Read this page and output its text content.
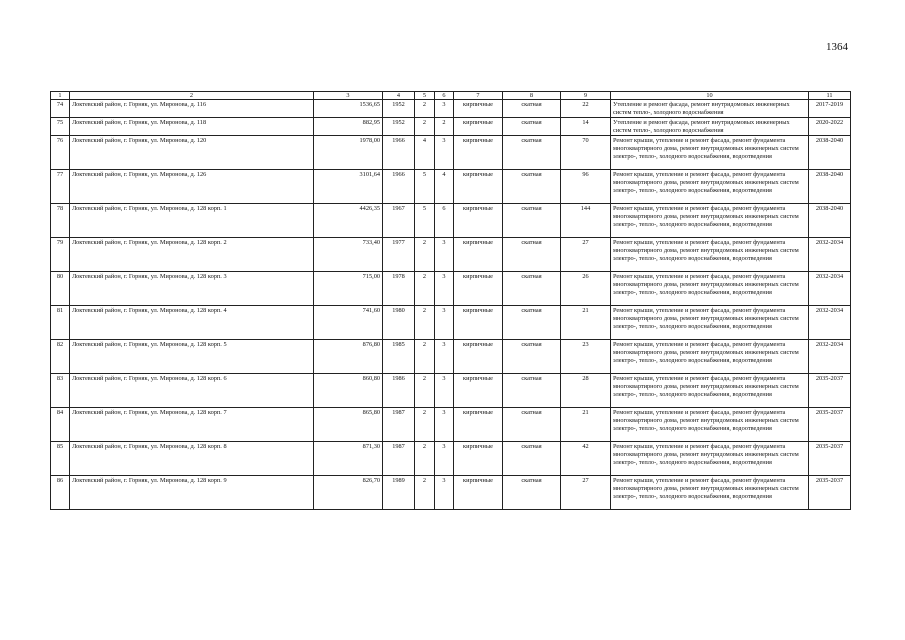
1364
1	2	3	4	5	6	7	8	9	10	11
74	Локтевский район, г. Горняк, ул. Миронова, д. 116	1536,65	1952	2	3	кирпичные	скатная	22	Утепление и ремонт фасада, ремонт внутридомовых инженерных систем тепло-, холодного водоснабжения	2017-2019
75	Локтевский район, г. Горняк, ул. Миронова, д. 118	882,95	1952	2	2	кирпичные	скатная	14	Утепление и ремонт фасада, ремонт внутридомовых инженерных систем тепло-, холодного водоснабжения	2020-2022
76	Локтевский район, г. Горняк, ул. Миронова, д. 120	1978,00	1966	4	3	кирпичные	скатная	70	Ремонт крыши, утепление и ремонт фасада, ремонт фундамента многоквартирного дома, ремонт внутридомовых инженерных систем электро-, тепло-, холодного водоснабжения, водоотведения	2038-2040
77	Локтевский район, г. Горняк, ул. Миронова, д. 126	3101,64	1966	5	4	кирпичные	скатная	96	Ремонт крыши, утепление и ремонт фасада, ремонт фундамента многоквартирного дома, ремонт внутридомовых инженерных систем электро-, тепло-, холодного водоснабжения, водоотведения	2038-2040
78	Локтевский район, г. Горняк, ул. Миронова, д. 128 корп. 1	4426,35	1967	5	6	кирпичные	скатная	144	Ремонт крыши, утепление и ремонт фасада, ремонт фундамента многоквартирного дома, ремонт внутридомовых инженерных систем электро-, тепло-, холодного водоснабжения, водоотведения	2038-2040
79	Локтевский район, г. Горняк, ул. Миронова, д. 128 корп. 2	733,40	1977	2	3	кирпичные	скатная	27	Ремонт крыши, утепление и ремонт фасада, ремонт фундамента многоквартирного дома, ремонт внутридомовых инженерных систем электро-, тепло-, холодного водоснабжения, водоотведения	2032-2034
80	Локтевский район, г. Горняк, ул. Миронова, д. 128 корп. 3	715,00	1978	2	3	кирпичные	скатная	26	Ремонт крыши, утепление и ремонт фасада, ремонт фундамента многоквартирного дома, ремонт внутридомовых инженерных систем электро-, тепло-, холодного водоснабжения, водоотведения	2032-2034
81	Локтевский район, г. Горняк, ул. Миронова, д. 128 корп. 4	741,60	1980	2	3	кирпичные	скатная	21	Ремонт крыши, утепление и ремонт фасада, ремонт фундамента многоквартирного дома, ремонт внутридомовых инженерных систем электро-, тепло-, холодного водоснабжения, водоотведения	2032-2034
82	Локтевский район, г. Горняк, ул. Миронова, д. 128 корп. 5	876,80	1985	2	3	кирпичные	скатная	23	Ремонт крыши, утепление и ремонт фасада, ремонт фундамента многоквартирного дома, ремонт внутридомовых инженерных систем электро-, тепло-, холодного водоснабжения, водоотведения	2032-2034
83	Локтевский район, г. Горняк, ул. Миронова, д. 128 корп. 6	860,80	1986	2	3	кирпичные	скатная	28	Ремонт крыши, утепление и ремонт фасада, ремонт фундамента многоквартирного дома, ремонт внутридомовых инженерных систем электро-, тепло-, холодного водоснабжения, водоотведения	2035-2037
84	Локтевский район, г. Горняк, ул. Миронова, д. 128 корп. 7	865,80	1987	2	3	кирпичные	скатная	21	Ремонт крыши, утепление и ремонт фасада, ремонт фундамента многоквартирного дома, ремонт внутридомовых инженерных систем электро-, тепло-, холодного водоснабжения, водоотведения	2035-2037
85	Локтевский район, г. Горняк, ул. Миронова, д. 128 корп. 8	871,30	1987	2	3	кирпичные	скатная	42	Ремонт крыши, утепление и ремонт фасада, ремонт фундамента многоквартирного дома, ремонт внутридомовых инженерных систем электро-, тепло-, холодного водоснабжения, водоотведения	2035-2037
86	Локтевский район, г. Горняк, ул. Миронова, д. 128 корп. 9	826,70	1989	2	3	кирпичные	скатная	27	Ремонт крыши, утепление и ремонт фасада, ремонт фундамента многоквартирного дома, ремонт внутридомовых инженерных систем электро-, тепло-, холодного водоснабжения, водоотведения	2035-2037
